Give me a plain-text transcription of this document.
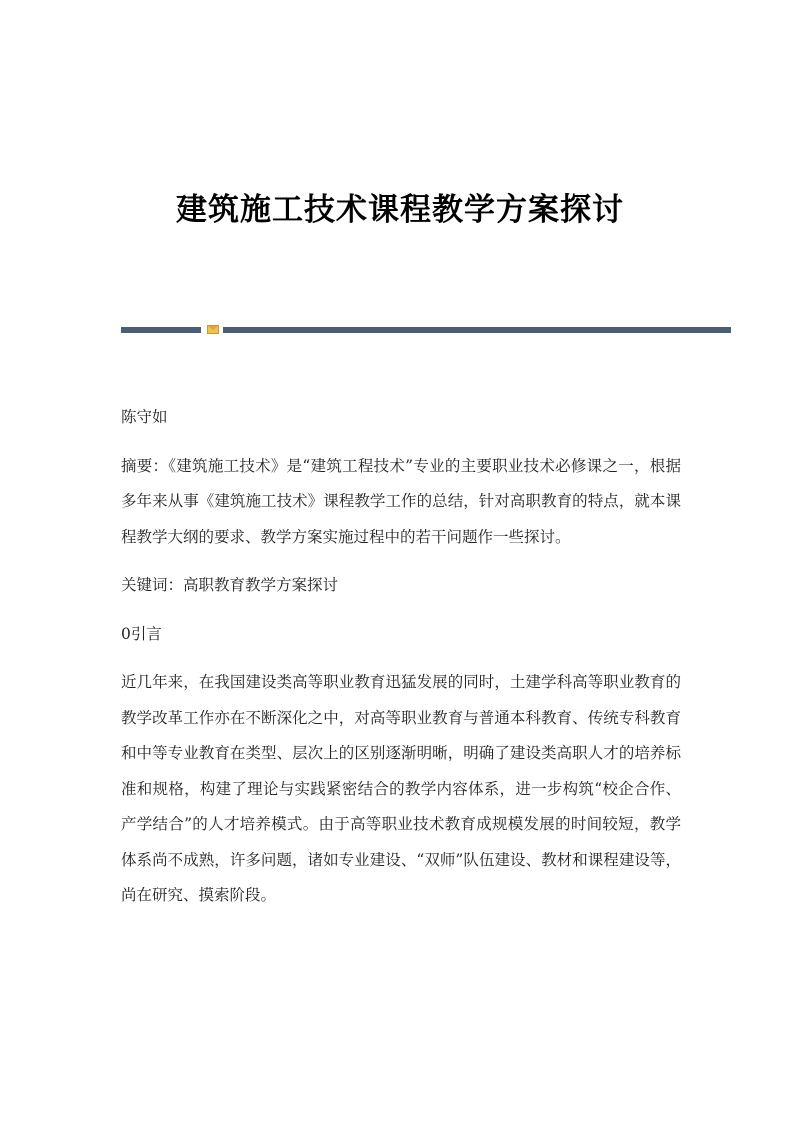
建筑施工技术课程教学方案探讨

陈守如

摘要：《建筑施工技术》是“建筑工程技术”专业的主要职业技术必修课之一，根据多年来从事《建筑施工技术》课程教学工作的总结，针对高职教育的特点，就本课程教学大纲的要求、教学方案实施过程中的若干问题作一些探讨。

关键词：高职教育教学方案探讨

0引言

近几年来，在我国建设类高等职业教育迅猛发展的同时，土建学科高等职业教育的教学改革工作亦在不断深化之中，对高等职业教育与普通本科教育、传统专科教育和中等专业教育在类型、层次上的区别逐渐明晰，明确了建设类高职人才的培养标准和规格，构建了理论与实践紧密结合的教学内容体系，进一步构筑“校企合作、产学结合”的人才培养模式。由于高等职业技术教育成规模发展的时间较短，教学体系尚不成熟，许多问题，诸如专业建设、“双师”队伍建设、教材和课程建设等，尚在研究、摸索阶段。
